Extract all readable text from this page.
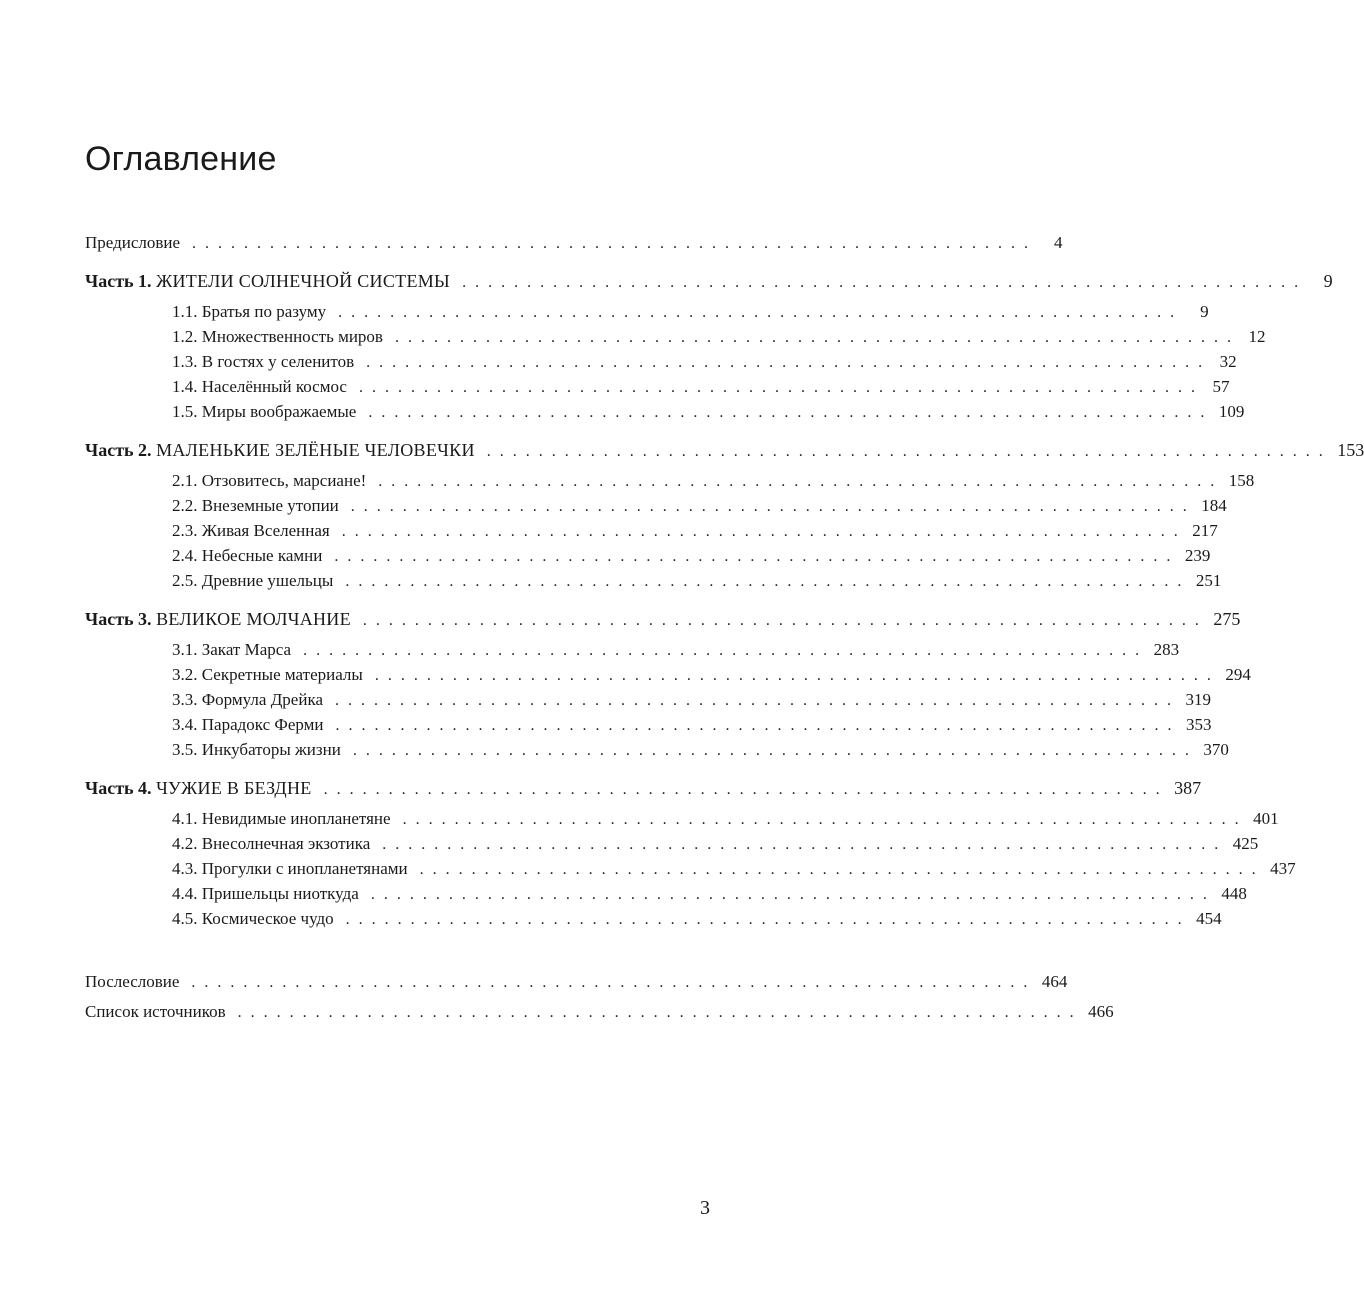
Оглавление
Предисловие . . . . . . . . . . . . . . . . . . . . . . . . . . . . . . . . . . . . . . . . . . . . . . . . . . . . . . . . . . . . . . . . .	4
Часть 1. ЖИТЕЛИ СОЛНЕЧНОЙ СИСТЕМЫ . . . . . . . . . . . . . . . . . . . . . . . . . . . . . . . . . . . . . . . . . . . . . . . . . . . . . . . . . . . . . . . . .	9
1.1. Братья по разуму . . . . . . . . . . . . . . . . . . . . . . . . . . . . . . . . . . . . . . . . . . . . . . . . . . . . . . . . . . . . . . . . .	9
1.2. Множественность миров . . . . . . . . . . . . . . . . . . . . . . . . . . . . . . . . . . . . . . . . . . . . . . . . . . . . . . . . . . . . . . . . . 12
1.3. В гостях у селенитов . . . . . . . . . . . . . . . . . . . . . . . . . . . . . . . . . . . . . . . . . . . . . . . . . . . . . . . . . . . . . . . . . 32
1.4. Населённый космос . . . . . . . . . . . . . . . . . . . . . . . . . . . . . . . . . . . . . . . . . . . . . . . . . . . . . . . . . . . . . . . . . 57
1.5. Миры воображаемые . . . . . . . . . . . . . . . . . . . . . . . . . . . . . . . . . . . . . . . . . . . . . . . . . . . . . . . . . . . . . . . . . 109
Часть 2. МАЛЕНЬКИЕ ЗЕЛЁНЫЕ ЧЕЛОВЕЧКИ . . . . . . . . . . . . . . . . . . . . . . . . . . . . . . . . . . . . . . . . . . . . . . . . . . . . . . . . . . . . . . . . . 153
2.1. Отзовитесь, марсиане! . . . . . . . . . . . . . . . . . . . . . . . . . . . . . . . . . . . . . . . . . . . . . . . . . . . . . . . . . . . . . . . . . 158
2.2. Внеземные утопии . . . . . . . . . . . . . . . . . . . . . . . . . . . . . . . . . . . . . . . . . . . . . . . . . . . . . . . . . . . . . . . . . 184
2.3. Живая Вселенная . . . . . . . . . . . . . . . . . . . . . . . . . . . . . . . . . . . . . . . . . . . . . . . . . . . . . . . . . . . . . . . . . 217
2.4. Небесные камни . . . . . . . . . . . . . . . . . . . . . . . . . . . . . . . . . . . . . . . . . . . . . . . . . . . . . . . . . . . . . . . . . 239
2.5. Древние ушельцы . . . . . . . . . . . . . . . . . . . . . . . . . . . . . . . . . . . . . . . . . . . . . . . . . . . . . . . . . . . . . . . . . 251
Часть 3. ВЕЛИКОЕ МОЛЧАНИЕ . . . . . . . . . . . . . . . . . . . . . . . . . . . . . . . . . . . . . . . . . . . . . . . . . . . . . . . . . . . . . . . . . 275
3.1. Закат Марса . . . . . . . . . . . . . . . . . . . . . . . . . . . . . . . . . . . . . . . . . . . . . . . . . . . . . . . . . . . . . . . . . 283
3.2. Секретные материалы . . . . . . . . . . . . . . . . . . . . . . . . . . . . . . . . . . . . . . . . . . . . . . . . . . . . . . . . . . . . . . . . . 294
3.3. Формула Дрейка . . . . . . . . . . . . . . . . . . . . . . . . . . . . . . . . . . . . . . . . . . . . . . . . . . . . . . . . . . . . . . . . . 319
3.4. Парадокс Ферми . . . . . . . . . . . . . . . . . . . . . . . . . . . . . . . . . . . . . . . . . . . . . . . . . . . . . . . . . . . . . . . . . 353
3.5. Инкубаторы жизни . . . . . . . . . . . . . . . . . . . . . . . . . . . . . . . . . . . . . . . . . . . . . . . . . . . . . . . . . . . . . . . . . 370
Часть 4. ЧУЖИЕ В БЕЗДНЕ . . . . . . . . . . . . . . . . . . . . . . . . . . . . . . . . . . . . . . . . . . . . . . . . . . . . . . . . . . . . . . . . . 387
4.1. Невидимые инопланетяне . . . . . . . . . . . . . . . . . . . . . . . . . . . . . . . . . . . . . . . . . . . . . . . . . . . . . . . . . . . . . . . . . 401
4.2. Внесолнечная экзотика . . . . . . . . . . . . . . . . . . . . . . . . . . . . . . . . . . . . . . . . . . . . . . . . . . . . . . . . . . . . . . . . . 425
4.3. Прогулки с инопланетянами . . . . . . . . . . . . . . . . . . . . . . . . . . . . . . . . . . . . . . . . . . . . . . . . . . . . . . . . . . . . . . . . . 437
4.4. Пришельцы ниоткуда . . . . . . . . . . . . . . . . . . . . . . . . . . . . . . . . . . . . . . . . . . . . . . . . . . . . . . . . . . . . . . . . . 448
4.5. Космическое чудо . . . . . . . . . . . . . . . . . . . . . . . . . . . . . . . . . . . . . . . . . . . . . . . . . . . . . . . . . . . . . . . . . 454
Послесловие . . . . . . . . . . . . . . . . . . . . . . . . . . . . . . . . . . . . . . . . . . . . . . . . . . . . . . . . . . . . . . . . . 464
Список источников . . . . . . . . . . . . . . . . . . . . . . . . . . . . . . . . . . . . . . . . . . . . . . . . . . . . . . . . . . . . . . . . . 466
3
